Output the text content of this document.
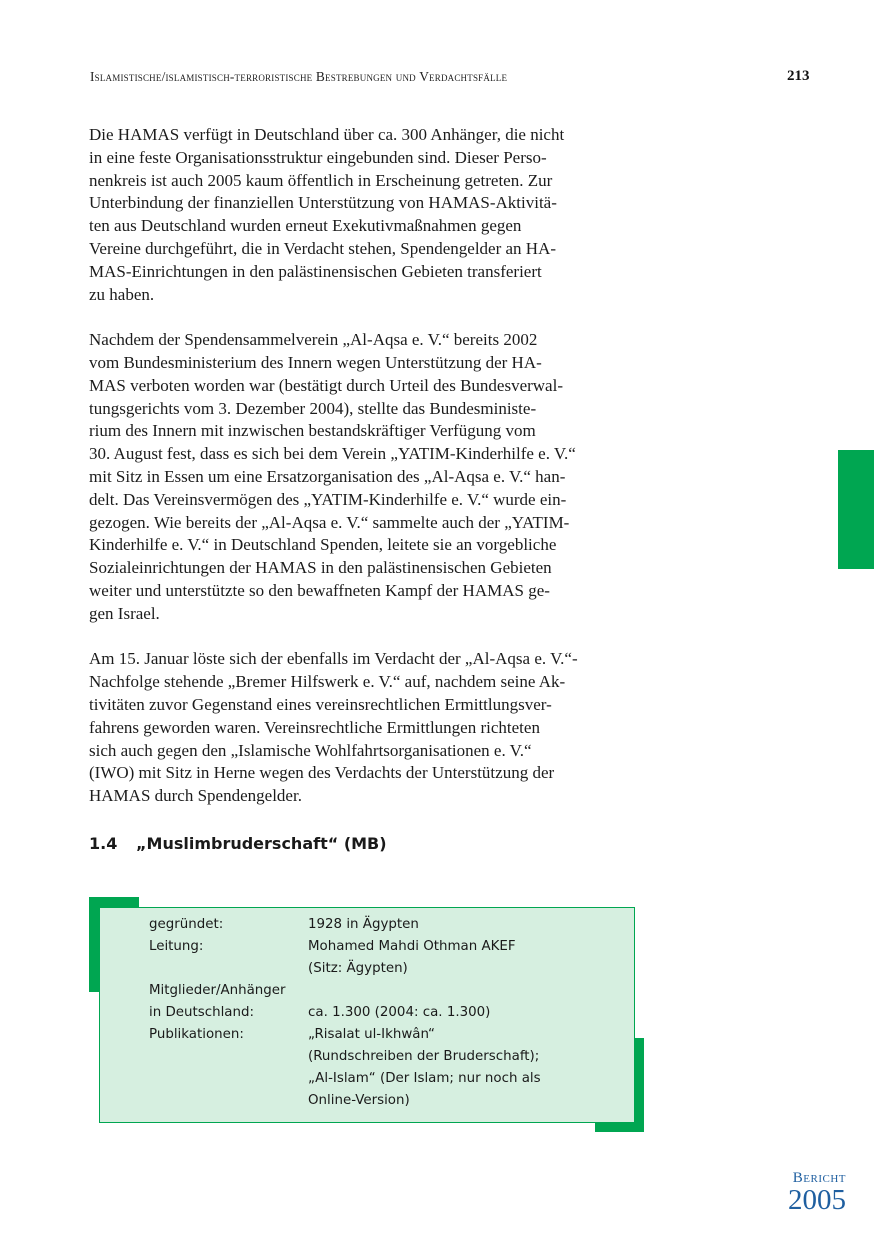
Islamistische/islamistisch-terroristische Bestrebungen und Verdachtsfälle	213
Die HAMAS verfügt in Deutschland über ca. 300 Anhänger, die nicht
in eine feste Organisationsstruktur eingebunden sind. Dieser Perso-
nenkreis ist auch 2005 kaum öffentlich in Erscheinung getreten. Zur
Unterbindung der finanziellen Unterstützung von HAMAS-Aktivitä-
ten aus Deutschland wurden erneut Exekutivmaßnahmen gegen
Vereine durchgeführt, die in Verdacht stehen, Spendengelder an HA-
MAS-Einrichtungen in den palästinensischen Gebieten transferiert
zu haben.
Nachdem der Spendensammelverein „Al-Aqsa e. V.“ bereits 2002
vom Bundesministerium des Innern wegen Unterstützung der HA-
MAS verboten worden war (bestätigt durch Urteil des Bundesverwal-
tungsgerichts vom 3. Dezember 2004), stellte das Bundesministe-
rium des Innern mit inzwischen bestandskräftiger Verfügung vom
30. August fest, dass es sich bei dem Verein „YATIM-Kinderhilfe e. V.“
mit Sitz in Essen um eine Ersatzorganisation des „Al-Aqsa e. V.“ han-
delt. Das Vereinsvermögen des „YATIM-Kinderhilfe e. V.“ wurde ein-
gezogen. Wie bereits der „Al-Aqsa e. V.“ sammelte auch der „YATIM-
Kinderhilfe e. V.“ in Deutschland Spenden, leitete sie an vorgebliche
Sozialeinrichtungen der HAMAS in den palästinensischen Gebieten
weiter und unterstützte so den bewaffneten Kampf der HAMAS ge-
gen Israel.
Am 15. Januar löste sich der ebenfalls im Verdacht der „Al-Aqsa e. V.“-
Nachfolge stehende „Bremer Hilfswerk e. V.“ auf, nachdem seine Ak-
tivitäten zuvor Gegenstand eines vereinsrechtlichen Ermittlungsver-
fahrens geworden waren. Vereinsrechtliche Ermittlungen richteten
sich auch gegen den „Islamische Wohlfahrtsorganisationen e. V.“
(IWO) mit Sitz in Herne wegen des Verdachts der Unterstützung der
HAMAS durch Spendengelder.
1.4 „Muslimbruderschaft“ (MB)
gegründet:	1928 in Ägypten
Leitung:	Mohamed Mahdi Othman AKEF
(Sitz: Ägypten)
Mitglieder/Anhänger
in Deutschland:	ca. 1.300 (2004: ca. 1.300)
Publikationen:	„Risalat ul-Ikhwân“
(Rundschreiben der Bruderschaft);
„Al-Islam“ (Der Islam; nur noch als
Online-Version)
Bericht
2005
